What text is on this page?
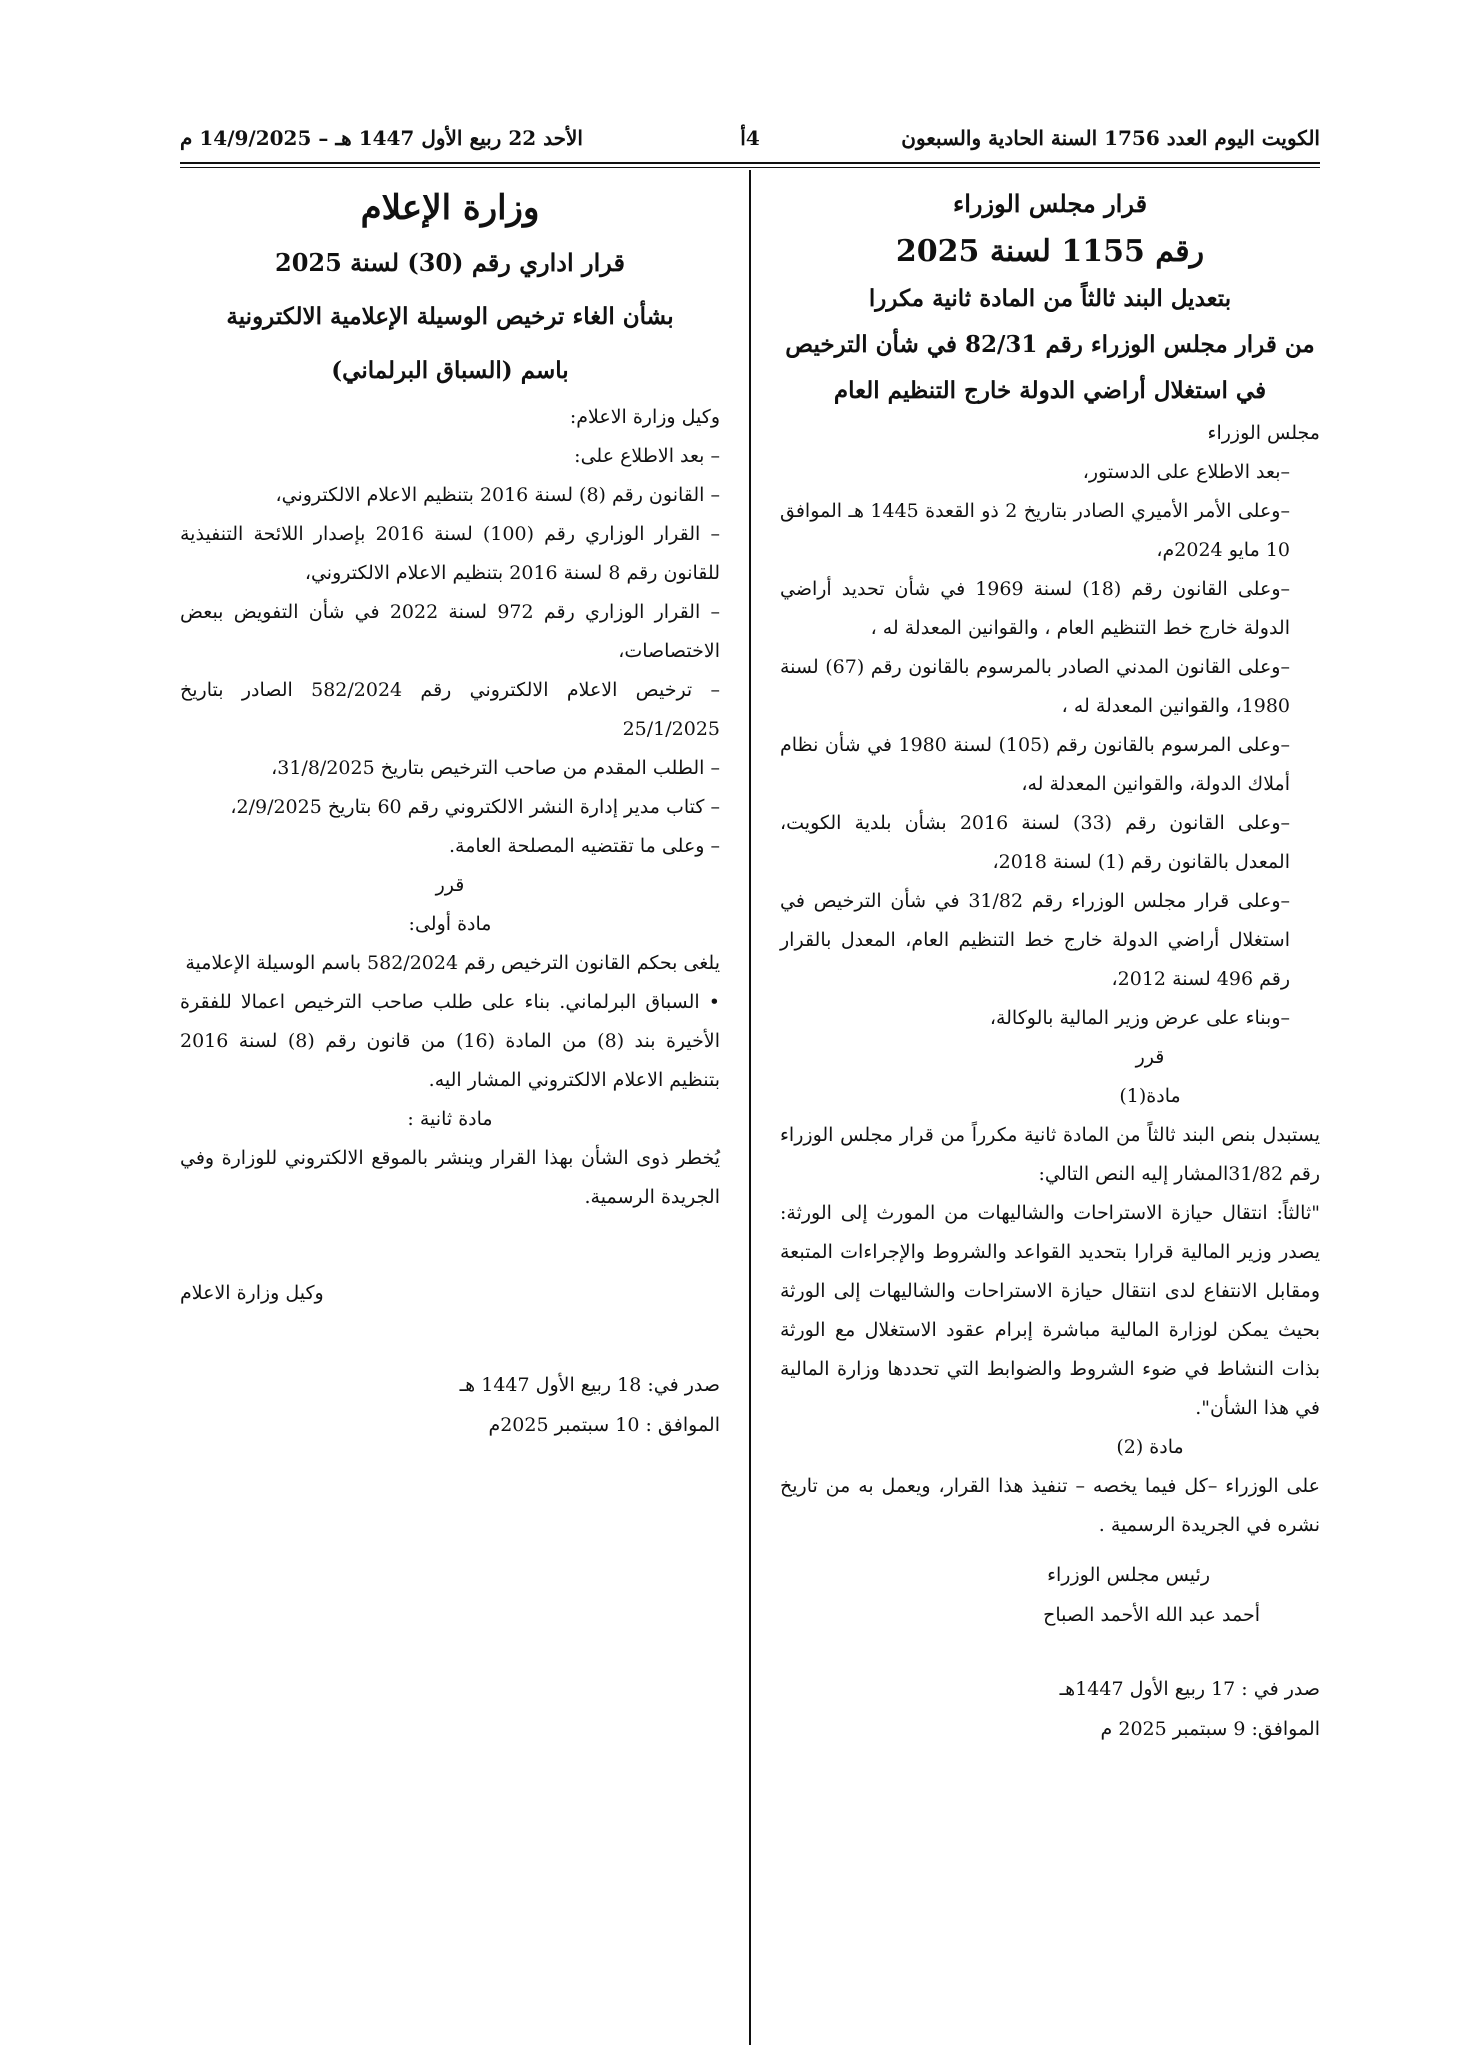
الكويت اليوم العدد 1756 السنة الحادية والسبعون
4أ
الأحد 22 ربيع الأول 1447 هـ – 14/9/2025 م

قرار مجلس الوزراء

رقم 1155 لسنة 2025

بتعديل البند ثالثاً من المادة ثانية مكررا

من قرار مجلس الوزراء رقم 82/31 في شأن الترخيص

في استغلال أراضي الدولة خارج التنظيم العام

مجلس الوزراء

–بعد الاطلاع على الدستور،

–وعلى الأمر الأميري الصادر بتاريخ 2 ذو القعدة 1445 هـ الموافق 10 مايو 2024م،

–وعلى القانون رقم (18) لسنة 1969 في شأن تحديد أراضي الدولة خارج خط التنظيم العام ، والقوانين المعدلة له ،

–وعلى القانون المدني الصادر بالمرسوم بالقانون رقم (67) لسنة 1980، والقوانين المعدلة له ،

–وعلى المرسوم بالقانون رقم (105) لسنة 1980 في شأن نظام أملاك الدولة، والقوانين المعدلة له،

–وعلى القانون رقم (33) لسنة 2016 بشأن بلدية الكويت، المعدل بالقانون رقم (1) لسنة 2018،

–وعلى قرار مجلس الوزراء رقم 31/82 في شأن الترخيص في استغلال أراضي الدولة خارج خط التنظيم العام، المعدل بالقرار رقم 496 لسنة 2012،

–وبناء على عرض وزير المالية بالوكالة،

قرر

مادة(1)

يستبدل بنص البند ثالثاً من المادة ثانية مكرراً من قرار مجلس الوزراء رقم 31/82المشار إليه النص التالي:

"ثالثاً: انتقال حيازة الاستراحات والشاليهات من المورث إلى الورثة: يصدر وزير المالية قرارا بتحديد القواعد والشروط والإجراءات المتبعة ومقابل الانتفاع لدى انتقال حيازة الاستراحات والشاليهات إلى الورثة بحيث يمكن لوزارة المالية مباشرة إبرام عقود الاستغلال مع الورثة بذات النشاط في ضوء الشروط والضوابط التي تحددها وزارة المالية في هذا الشأن".

مادة (2)

على الوزراء –كل فيما يخصه – تنفيذ هذا القرار، ويعمل به من تاريخ نشره في الجريدة الرسمية .

رئيس مجلس الوزراء

أحمد عبد الله الأحمد الصباح

صدر في : 17 ربيع الأول 1447هـ

الموافق: 9 سبتمبر 2025 م

وزارة الإعلام

قرار اداري رقم (30) لسنة 2025

بشأن الغاء ترخيص الوسيلة الإعلامية الالكترونية

باسم (السباق البرلماني)

وكيل وزارة الاعلام:

– بعد الاطلاع على:

– القانون رقم (8) لسنة 2016 بتنظيم الاعلام الالكتروني،

– القرار الوزاري رقم (100) لسنة 2016 بإصدار اللائحة التنفيذية للقانون رقم 8 لسنة 2016 بتنظيم الاعلام الالكتروني،

– القرار الوزاري رقم 972 لسنة 2022 في شأن التفويض ببعض الاختصاصات،

– ترخيص الاعلام الالكتروني رقم 582/2024 الصادر بتاريخ 25/1/2025

– الطلب المقدم من صاحب الترخيص بتاريخ 31/8/2025،

– كتاب مدير إدارة النشر الالكتروني رقم 60 بتاريخ 2/9/2025،

– وعلى ما تقتضيه المصلحة العامة.

قرر

مادة أولى:

يلغى بحكم القانون الترخيص رقم 582/2024 باسم الوسيلة الإعلامية

• السباق البرلماني. بناء على طلب صاحب الترخيص اعمالا للفقرة الأخيرة بند (8) من المادة (16) من قانون رقم (8) لسنة 2016 بتنظيم الاعلام الالكتروني المشار اليه.

مادة ثانية :

يُخطر ذوى الشأن بهذا القرار وينشر بالموقع الالكتروني للوزارة وفي الجريدة الرسمية.

وكيل وزارة الاعلام

صدر في: 18 ربيع الأول 1447 هـ

الموافق : 10 سبتمبر 2025م
